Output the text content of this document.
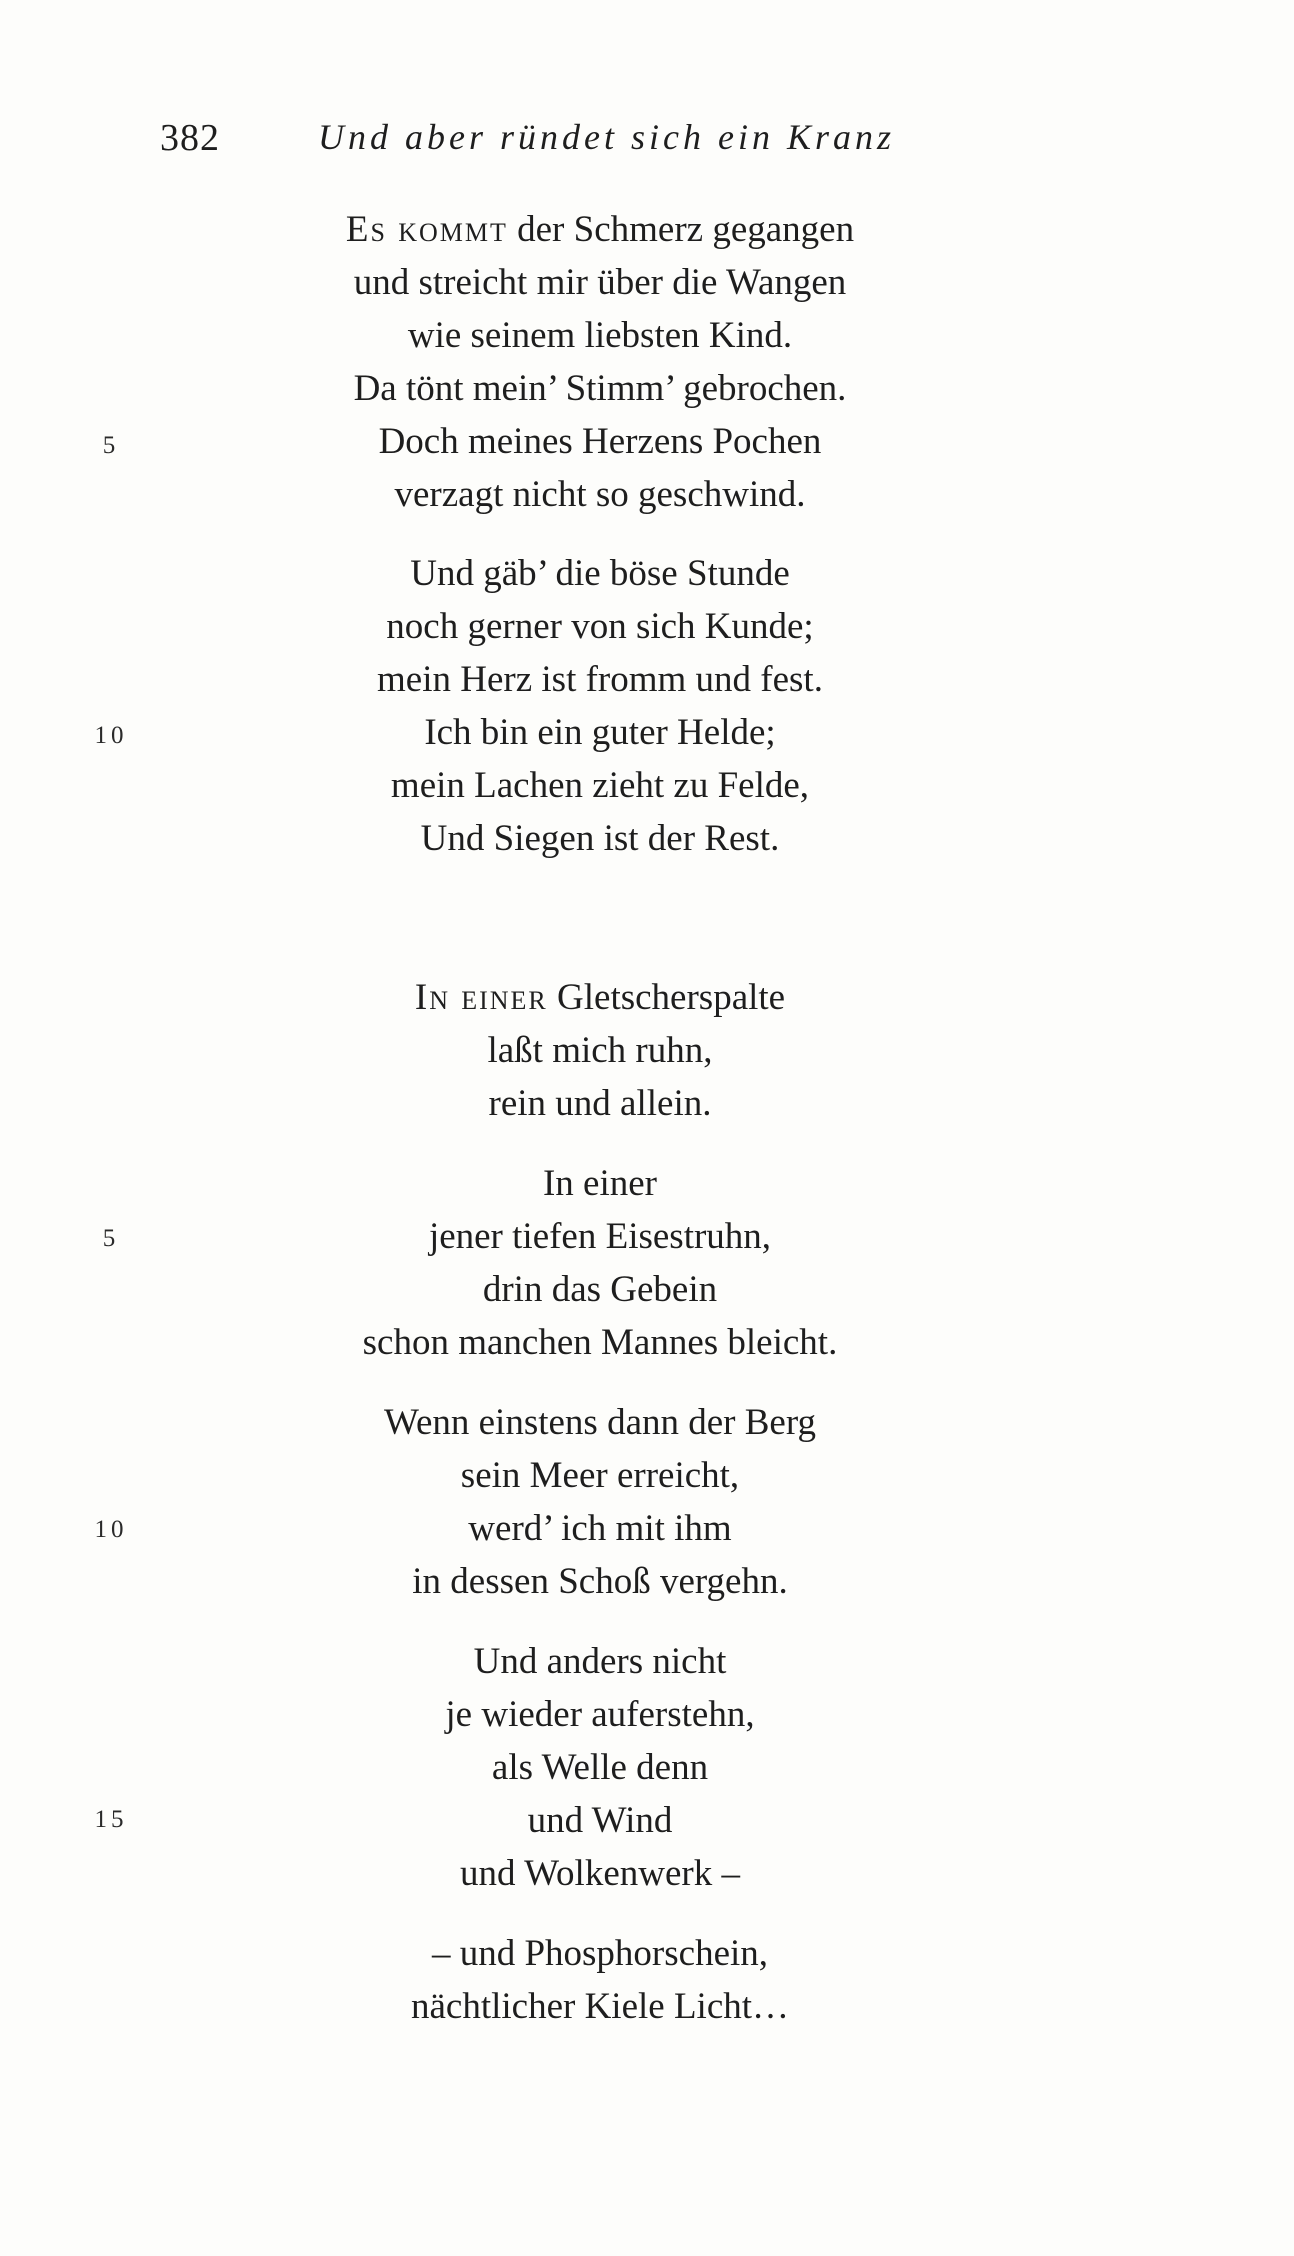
382	Und aber ründet sich ein Kranz
Es kommt der Schmerz gegangen
und streicht mir über die Wangen
wie seinem liebsten Kind.
Da tönt mein’ Stimm’ gebrochen.
Doch meines Herzens Pochen
verzagt nicht so geschwind.
Und gäb’ die böse Stunde
noch gerner von sich Kunde;
mein Herz ist fromm und fest.
Ich bin ein guter Helde;
mein Lachen zieht zu Felde,
Und Siegen ist der Rest.
5
10
In einer Gletscherspalte
laßt mich ruhn,
rein und allein.
In einer
jener tiefen Eisestruhn,
drin das Gebein
schon manchen Mannes bleicht.
Wenn einstens dann der Berg
sein Meer erreicht,
werd’ ich mit ihm
in dessen Schoß vergehn.
Und anders nicht
je wieder auferstehn,
als Welle denn
und Wind
und Wolkenwerk –
– und Phosphorschein,
nächtlicher Kiele Licht…
5
10
15
